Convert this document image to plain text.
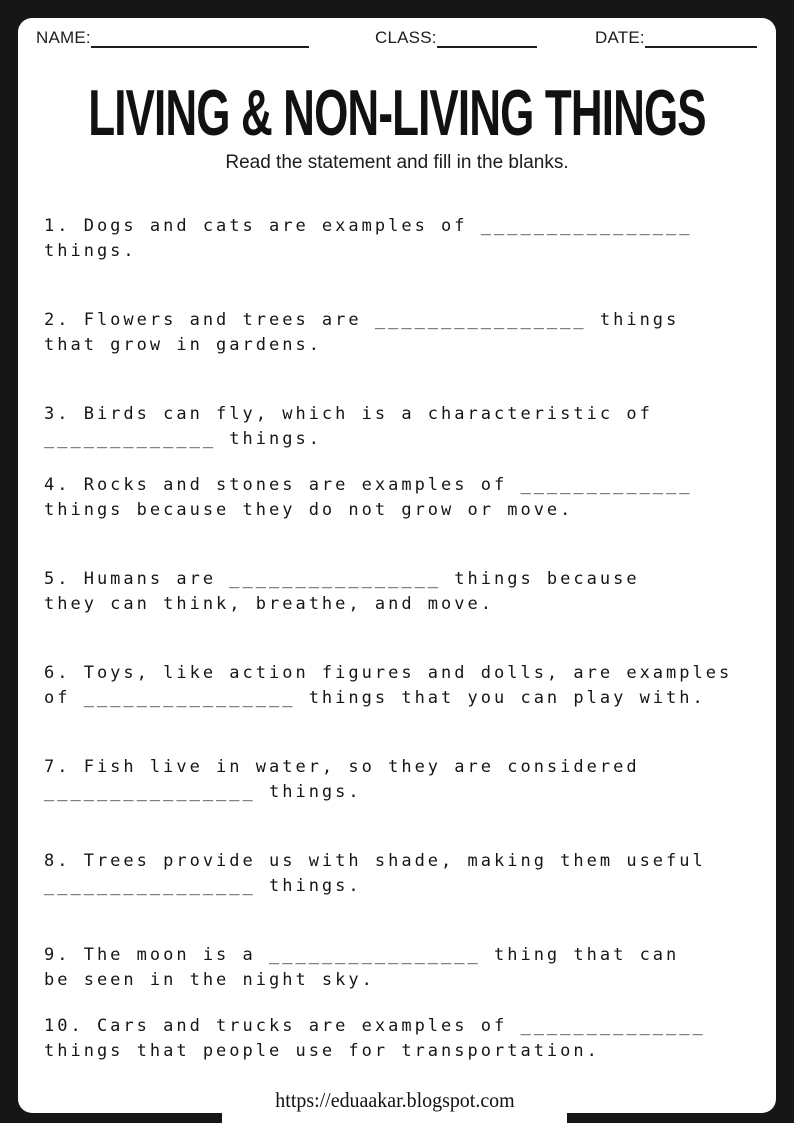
NAME:	CLASS:	DATE:
LIVING & NON-LIVING THINGS
Read the statement and fill in the blanks.
1. Dogs and cats are examples of ________________
things.
2. Flowers and trees are ________________ things
that grow in gardens.
3. Birds can fly, which is a characteristic of
_____________ things.
4. Rocks and stones are examples of _____________
things because they do not grow or move.
5. Humans are ________________ things because
they can think, breathe, and move.
6. Toys, like action figures and dolls, are examples
of ________________ things that you can play with.
7. Fish live in water, so they are considered
________________ things.
8. Trees provide us with shade, making them useful
________________ things.
9. The moon is a ________________ thing that can
be seen in the night sky.
10. Cars and trucks are examples of ______________
things that people use for transportation.
https://eduaakar.blogspot.com
